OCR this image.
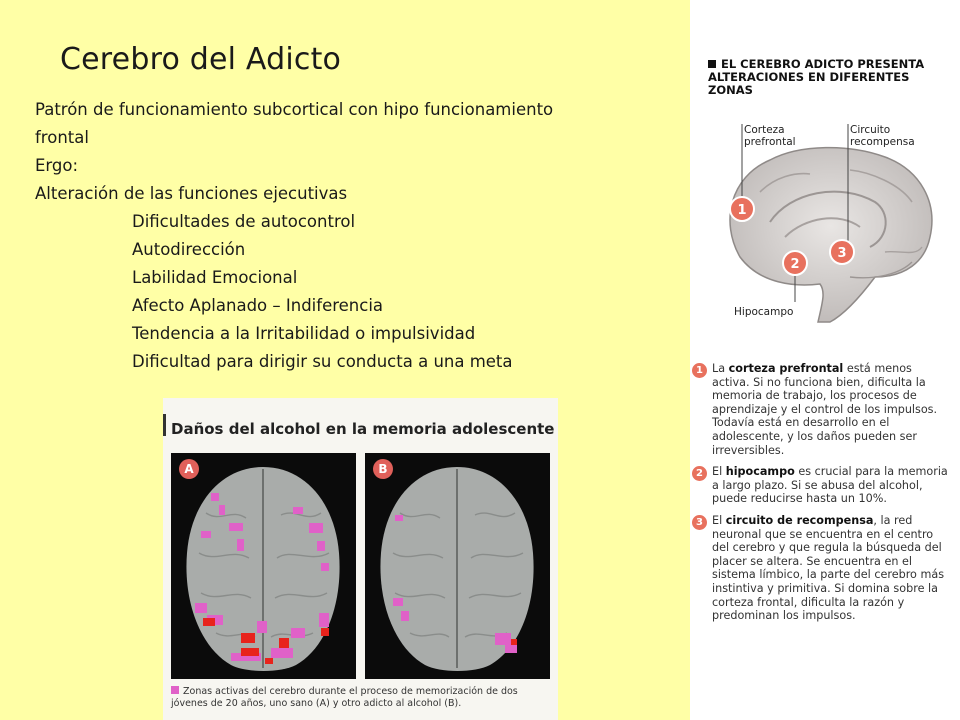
Cerebro del Adicto
Patrón de funcionamiento subcortical con hipo funcionamiento
frontal
Ergo:
Alteración de las funciones ejecutivas
Dificultades de autocontrol
Autodirección
Labilidad Emocional
Afecto Aplanado – Indiferencia
Tendencia a la Irritabilidad o impulsividad
Dificultad para dirigir su conducta a una meta
1
2
3
EL CEREBRO ADICTO PRESENTA ALTERACIONES EN DIFERENTES ZONAS
Corteza prefrontal
Circuito recompensa
Hipocampo
1 La corteza prefrontal está menos activa. Si no funciona bien, dificulta la memoria de trabajo, los procesos de aprendizaje y el control de los impulsos. Todavía está en desarrollo en el adolescente, y los daños pueden ser irreversibles.
2 El hipocampo es crucial para la memoria a largo plazo. Si se abusa del alcohol, puede reducirse hasta un 10%.
3 El circuito de recompensa, la red neuronal que se encuentra en el centro del cerebro y que regula la búsqueda del placer se altera. Se encuentra en el sistema límbico, la parte del cerebro más instintiva y primitiva. Si domina sobre la corteza frontal, dificulta la razón y predominan los impulsos.
Daños del alcohol en la memoria adolescente
A	B
Zonas activas del cerebro durante el proceso de memorización de dos jóvenes de 20 años, uno sano (A) y otro adicto al alcohol (B).
